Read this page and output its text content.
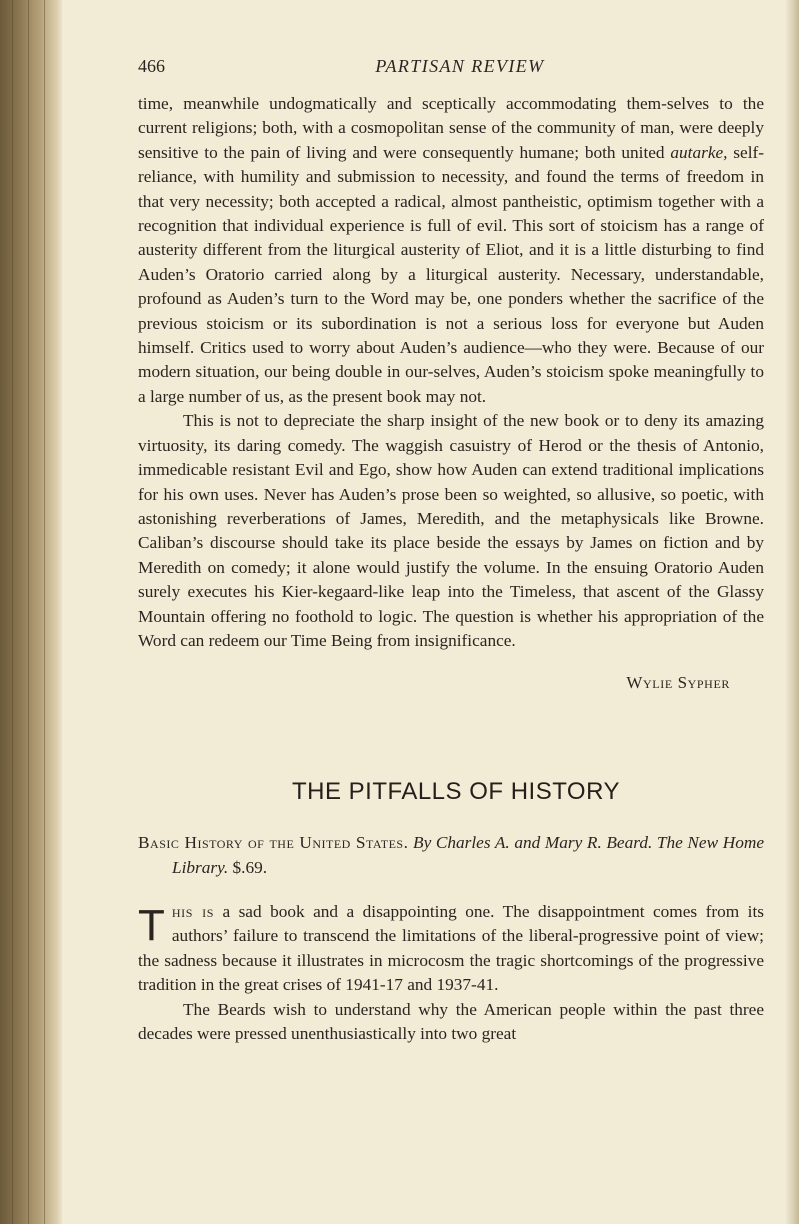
466	PARTISAN REVIEW

time, meanwhile undogmatically and sceptically accommodating them-selves to the current religions; both, with a cosmopolitan sense of the community of man, were deeply sensitive to the pain of living and were consequently humane; both united autarke, self-reliance, with humility and submission to necessity, and found the terms of freedom in that very necessity; both accepted a radical, almost pantheistic, optimism together with a recognition that individual experience is full of evil. This sort of stoicism has a range of austerity different from the liturgical austerity of Eliot, and it is a little disturbing to find Auden’s Oratorio carried along by a liturgical austerity. Necessary, understandable, profound as Auden’s turn to the Word may be, one ponders whether the sacrifice of the previous stoicism or its subordination is not a serious loss for everyone but Auden himself. Critics used to worry about Auden’s audience—who they were. Because of our modern situation, our being double in our-selves, Auden’s stoicism spoke meaningfully to a large number of us, as the present book may not.

This is not to depreciate the sharp insight of the new book or to deny its amazing virtuosity, its daring comedy. The waggish casuistry of Herod or the thesis of Antonio, immedicable resistant Evil and Ego, show how Auden can extend traditional implications for his own uses. Never has Auden’s prose been so weighted, so allusive, so poetic, with astonishing reverberations of James, Meredith, and the metaphysicals like Browne. Caliban’s discourse should take its place beside the essays by James on fiction and by Meredith on comedy; it alone would justify the volume. In the ensuing Oratorio Auden surely executes his Kier-kegaard-like leap into the Timeless, that ascent of the Glassy Mountain offering no foothold to logic. The question is whether his appropriation of the Word can redeem our Time Being from insignificance.

Wylie Sypher
THE PITFALLS OF HISTORY

Basic History of the United States. By Charles A. and Mary R. Beard. The New Home Library. $.69.

This is a sad book and a disappointing one. The disappointment comes from its authors’ failure to transcend the limitations of the liberal-progressive point of view; the sadness because it illustrates in microcosm the tragic shortcomings of the progressive tradition in the great crises of 1941-17 and 1937-41.

The Beards wish to understand why the American people within the past three decades were pressed unenthusiastically into two great
